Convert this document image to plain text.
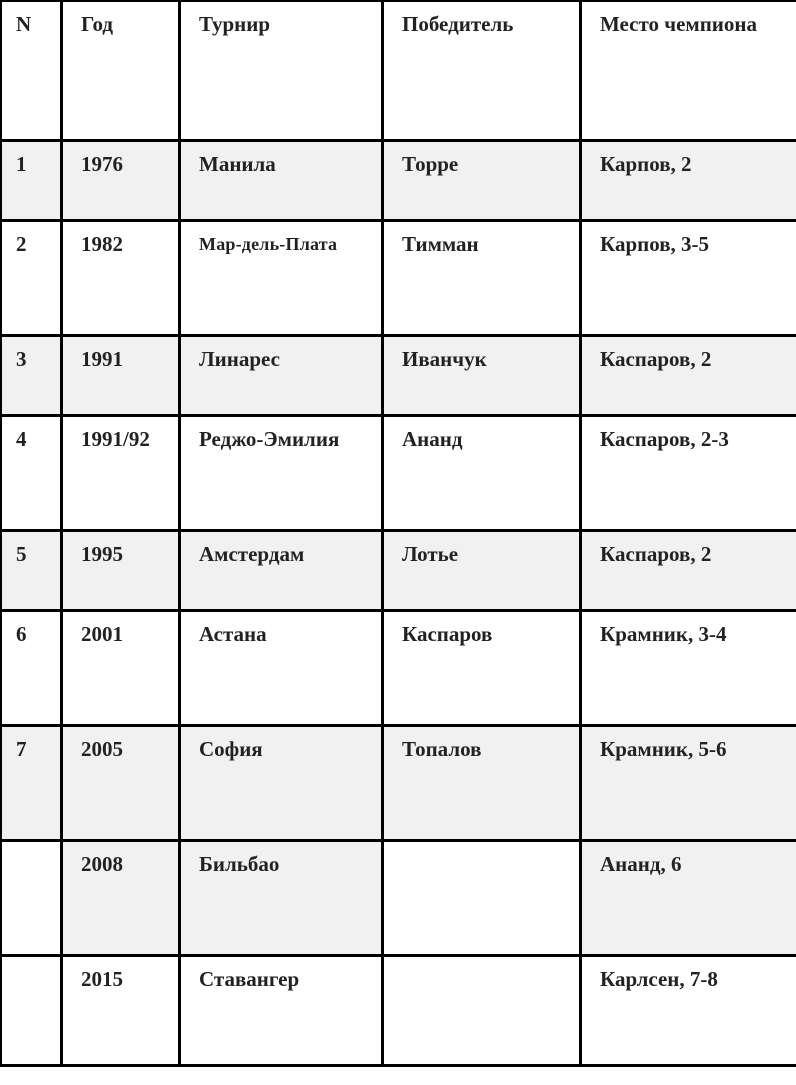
N	Год	Турнир	Победитель	Место чемпиона
1	1976	Манила	Торре	Карпов, 2
2	1982	Мар-дель-Плата	Тимман	Карпов, 3-5
3	1991	Линарес	Иванчук	Каспаров, 2
4	1991/92	Реджо-Эмилия	Ананд	Каспаров, 2-3
5	1995	Амстердам	Лотье	Каспаров, 2
6	2001	Астана	Каспаров	Крамник, 3-4
7	2005	София	Топалов	Крамник, 5-6
	2008	Бильбао		Ананд, 6
	2015	Ставангер		Карлсен, 7-8
